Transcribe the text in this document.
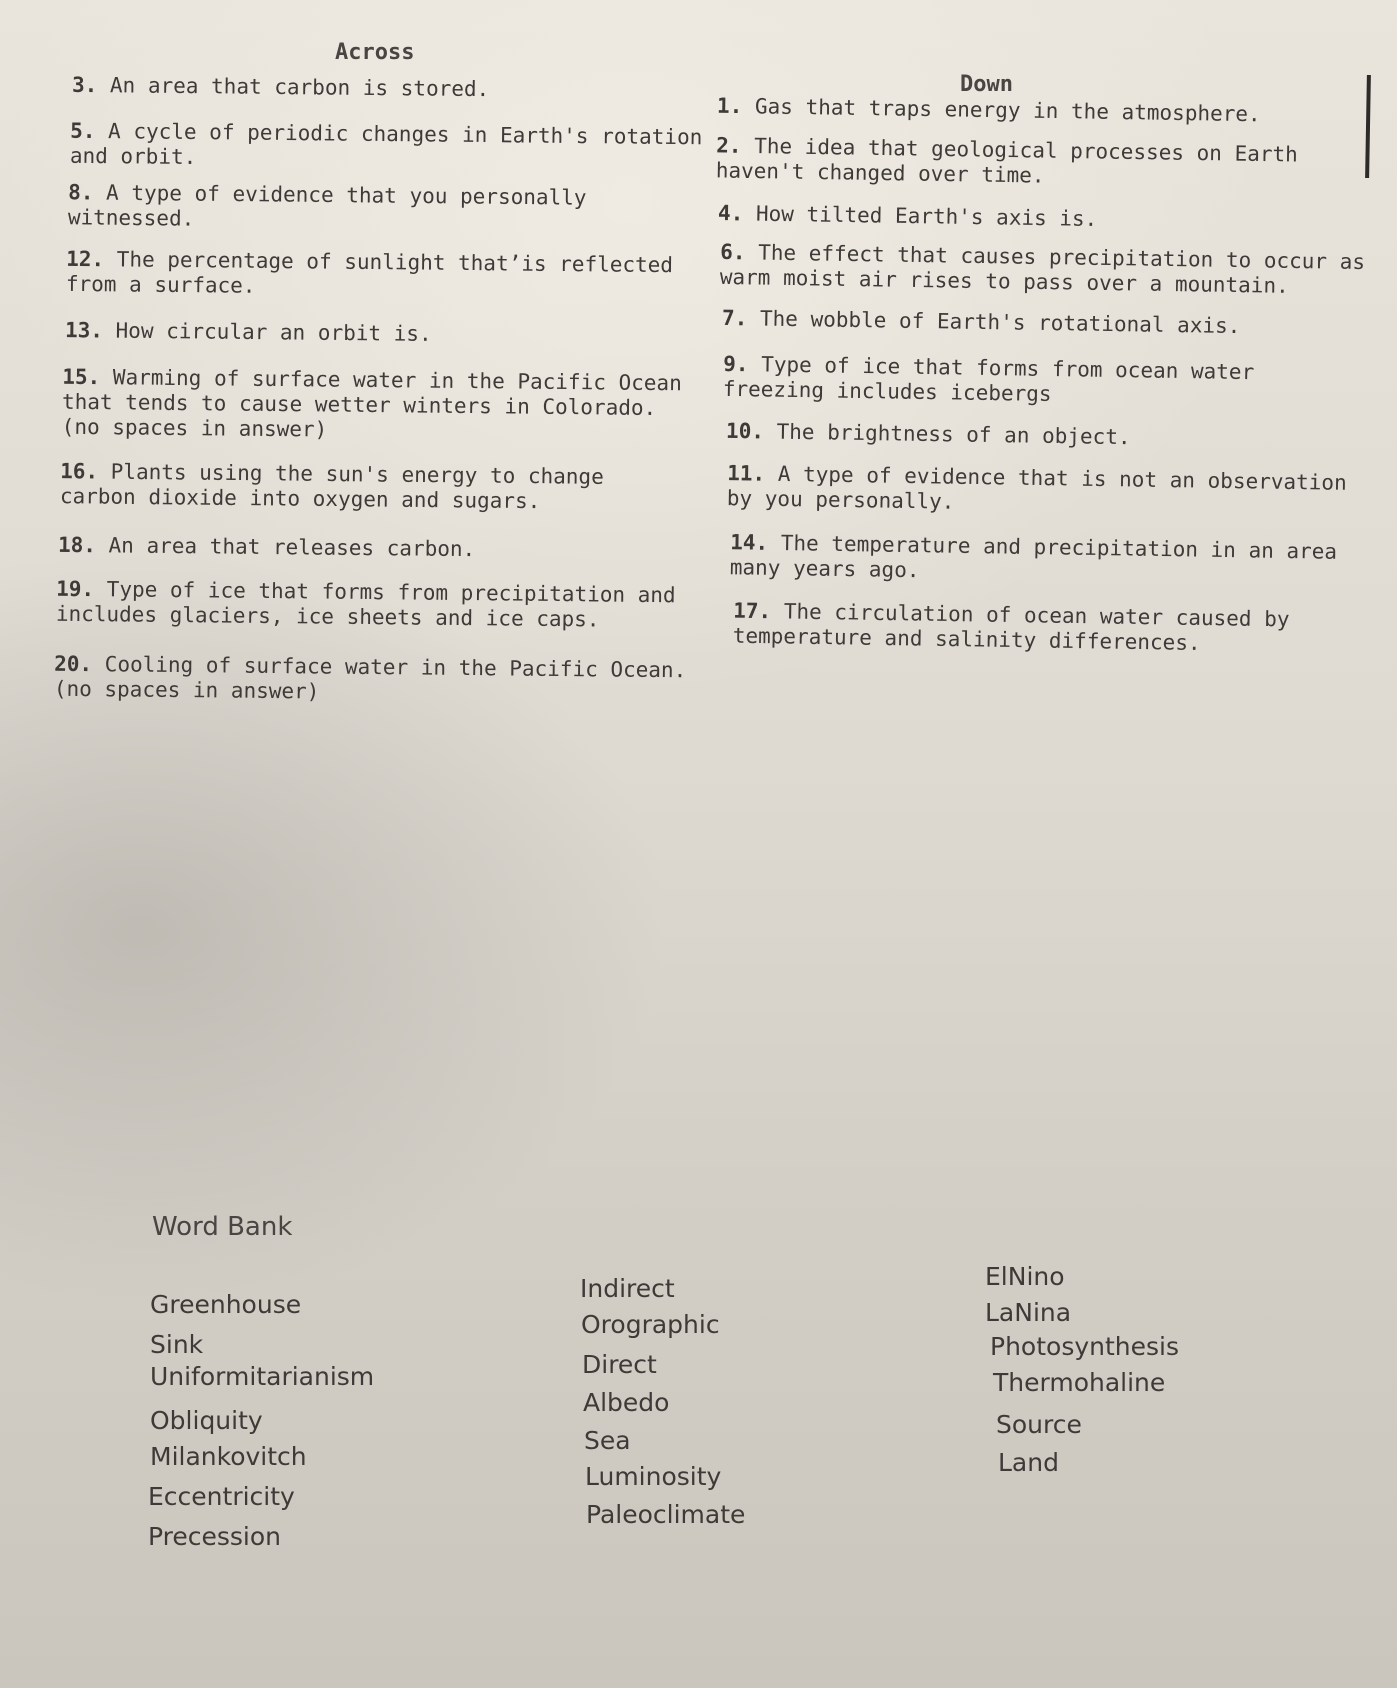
Across
Down
3. An area that carbon is stored.
5. A cycle of periodic changes in Earth's rotation
and orbit.
8. A type of evidence that you personally
witnessed.
12. The percentage of sunlight thatʼis reflected
from a surface.
13. How circular an orbit is.
15. Warming of surface water in the Pacific Ocean
that tends to cause wetter winters in Colorado.
(no spaces in answer)
16. Plants using the sun's energy to change
carbon dioxide into oxygen and sugars.
18. An area that releases carbon.
19. Type of ice that forms from precipitation and
includes glaciers, ice sheets and ice caps.
20. Cooling of surface water in the Pacific Ocean.
(no spaces in answer)
1. Gas that traps energy in the atmosphere.
2. The idea that geological processes on Earth
haven't changed over time.
4. How tilted Earth's axis is.
6. The effect that causes precipitation to occur as
warm moist air rises to pass over a mountain.
7. The wobble of Earth's rotational axis.
9. Type of ice that forms from ocean water
freezing includes icebergs
10. The brightness of an object.
11. A type of evidence that is not an observation
by you personally.
14. The temperature and precipitation in an area
many years ago.
17. The circulation of ocean water caused by
temperature and salinity differences.
Word Bank
Greenhouse
Sink
Uniformitarianism
Obliquity
Milankovitch
Eccentricity
Precession
Indirect
Orographic
Direct
Albedo
Sea
Luminosity
Paleoclimate
ElNino
LaNina
Photosynthesis
Thermohaline
Source
Land
